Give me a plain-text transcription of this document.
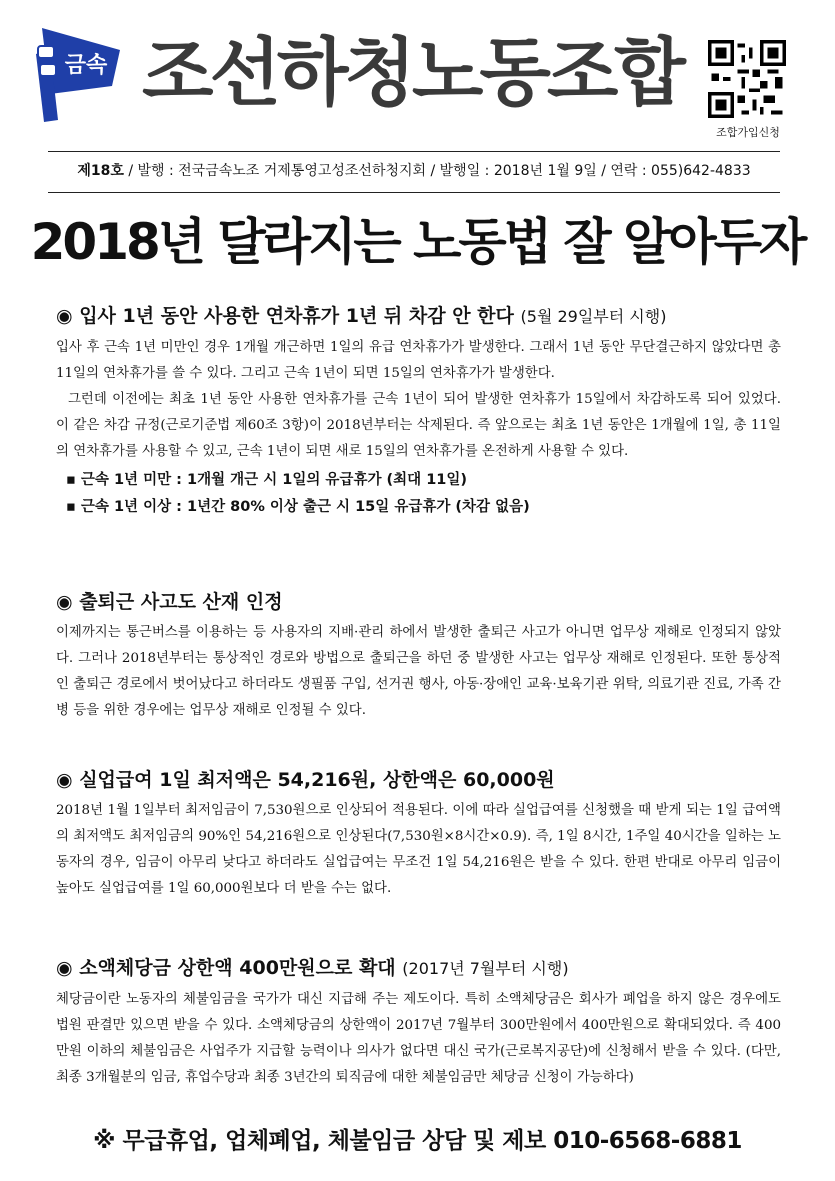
금속 조선하청노동조합
조합가입신청
제18호 / 발행 : 전국금속노조 거제통영고성조선하청지회 / 발행일 : 2018년 1월 9일 / 연락 : 055)642-4833
2018년 달라지는 노동법 잘 알아두자
◉ 입사 1년 동안 사용한 연차휴가 1년 뒤 차감 안 한다 (5월 29일부터 시행)

입사 후 근속 1년 미만인 경우 1개월 개근하면 1일의 유급 연차휴가가 발생한다. 그래서 1년 동안 무단결근하지 않았다면 총 11일의 연차휴가를 쓸 수 있다. 그리고 근속 1년이 되면 15일의 연차휴가가 발생한다.

그런데 이전에는 최초 1년 동안 사용한 연차휴가를 근속 1년이 되어 발생한 연차휴가 15일에서 차감하도록 되어 있었다. 이 같은 차감 규정(근로기준법 제60조 3항)이 2018년부터는 삭제된다. 즉 앞으로는 최초 1년 동안은 1개월에 1일, 총 11일의 연차휴가를 사용할 수 있고, 근속 1년이 되면 새로 15일의 연차휴가를 온전하게 사용할 수 있다.

▪ 근속 1년 미만 : 1개월 개근 시 1일의 유급휴가 (최대 11일)
▪ 근속 1년 이상 : 1년간 80% 이상 출근 시 15일 유급휴가 (차감 없음)
◉ 출퇴근 사고도 산재 인정

이제까지는 통근버스를 이용하는 등 사용자의 지배·관리 하에서 발생한 출퇴근 사고가 아니면 업무상 재해로 인정되지 않았다. 그러나 2018년부터는 통상적인 경로와 방법으로 출퇴근을 하던 중 발생한 사고는 업무상 재해로 인정된다. 또한 통상적인 출퇴근 경로에서 벗어났다고 하더라도 생필품 구입, 선거권 행사, 아동·장애인 교육·보육기관 위탁, 의료기관 진료, 가족 간병 등을 위한 경우에는 업무상 재해로 인정될 수 있다.

◉ 실업급여 1일 최저액은 54,216원, 상한액은 60,000원

2018년 1월 1일부터 최저임금이 7,530원으로 인상되어 적용된다. 이에 따라 실업급여를 신청했을 때 받게 되는 1일 급여액의 최저액도 최저임금의 90%인 54,216원으로 인상된다(7,530원×8시간×0.9). 즉, 1일 8시간, 1주일 40시간을 일하는 노동자의 경우, 임금이 아무리 낮다고 하더라도 실업급여는 무조건 1일 54,216원은 받을 수 있다. 한편 반대로 아무리 임금이 높아도 실업급여를 1일 60,000원보다 더 받을 수는 없다.

◉ 소액체당금 상한액 400만원으로 확대 (2017년 7월부터 시행)

체당금이란 노동자의 체불임금을 국가가 대신 지급해 주는 제도이다. 특히 소액체당금은 회사가 폐업을 하지 않은 경우에도 법원 판결만 있으면 받을 수 있다. 소액체당금의 상한액이 2017년 7월부터 300만원에서 400만원으로 확대되었다. 즉 400만원 이하의 체불임금은 사업주가 지급할 능력이나 의사가 없다면 대신 국가(근로복지공단)에 신청해서 받을 수 있다. (다만, 최종 3개월분의 임금, 휴업수당과 최종 3년간의 퇴직금에 대한 체불임금만 체당금 신청이 가능하다)

※ 무급휴업, 업체폐업, 체불임금 상담 및 제보 010-6568-6881
